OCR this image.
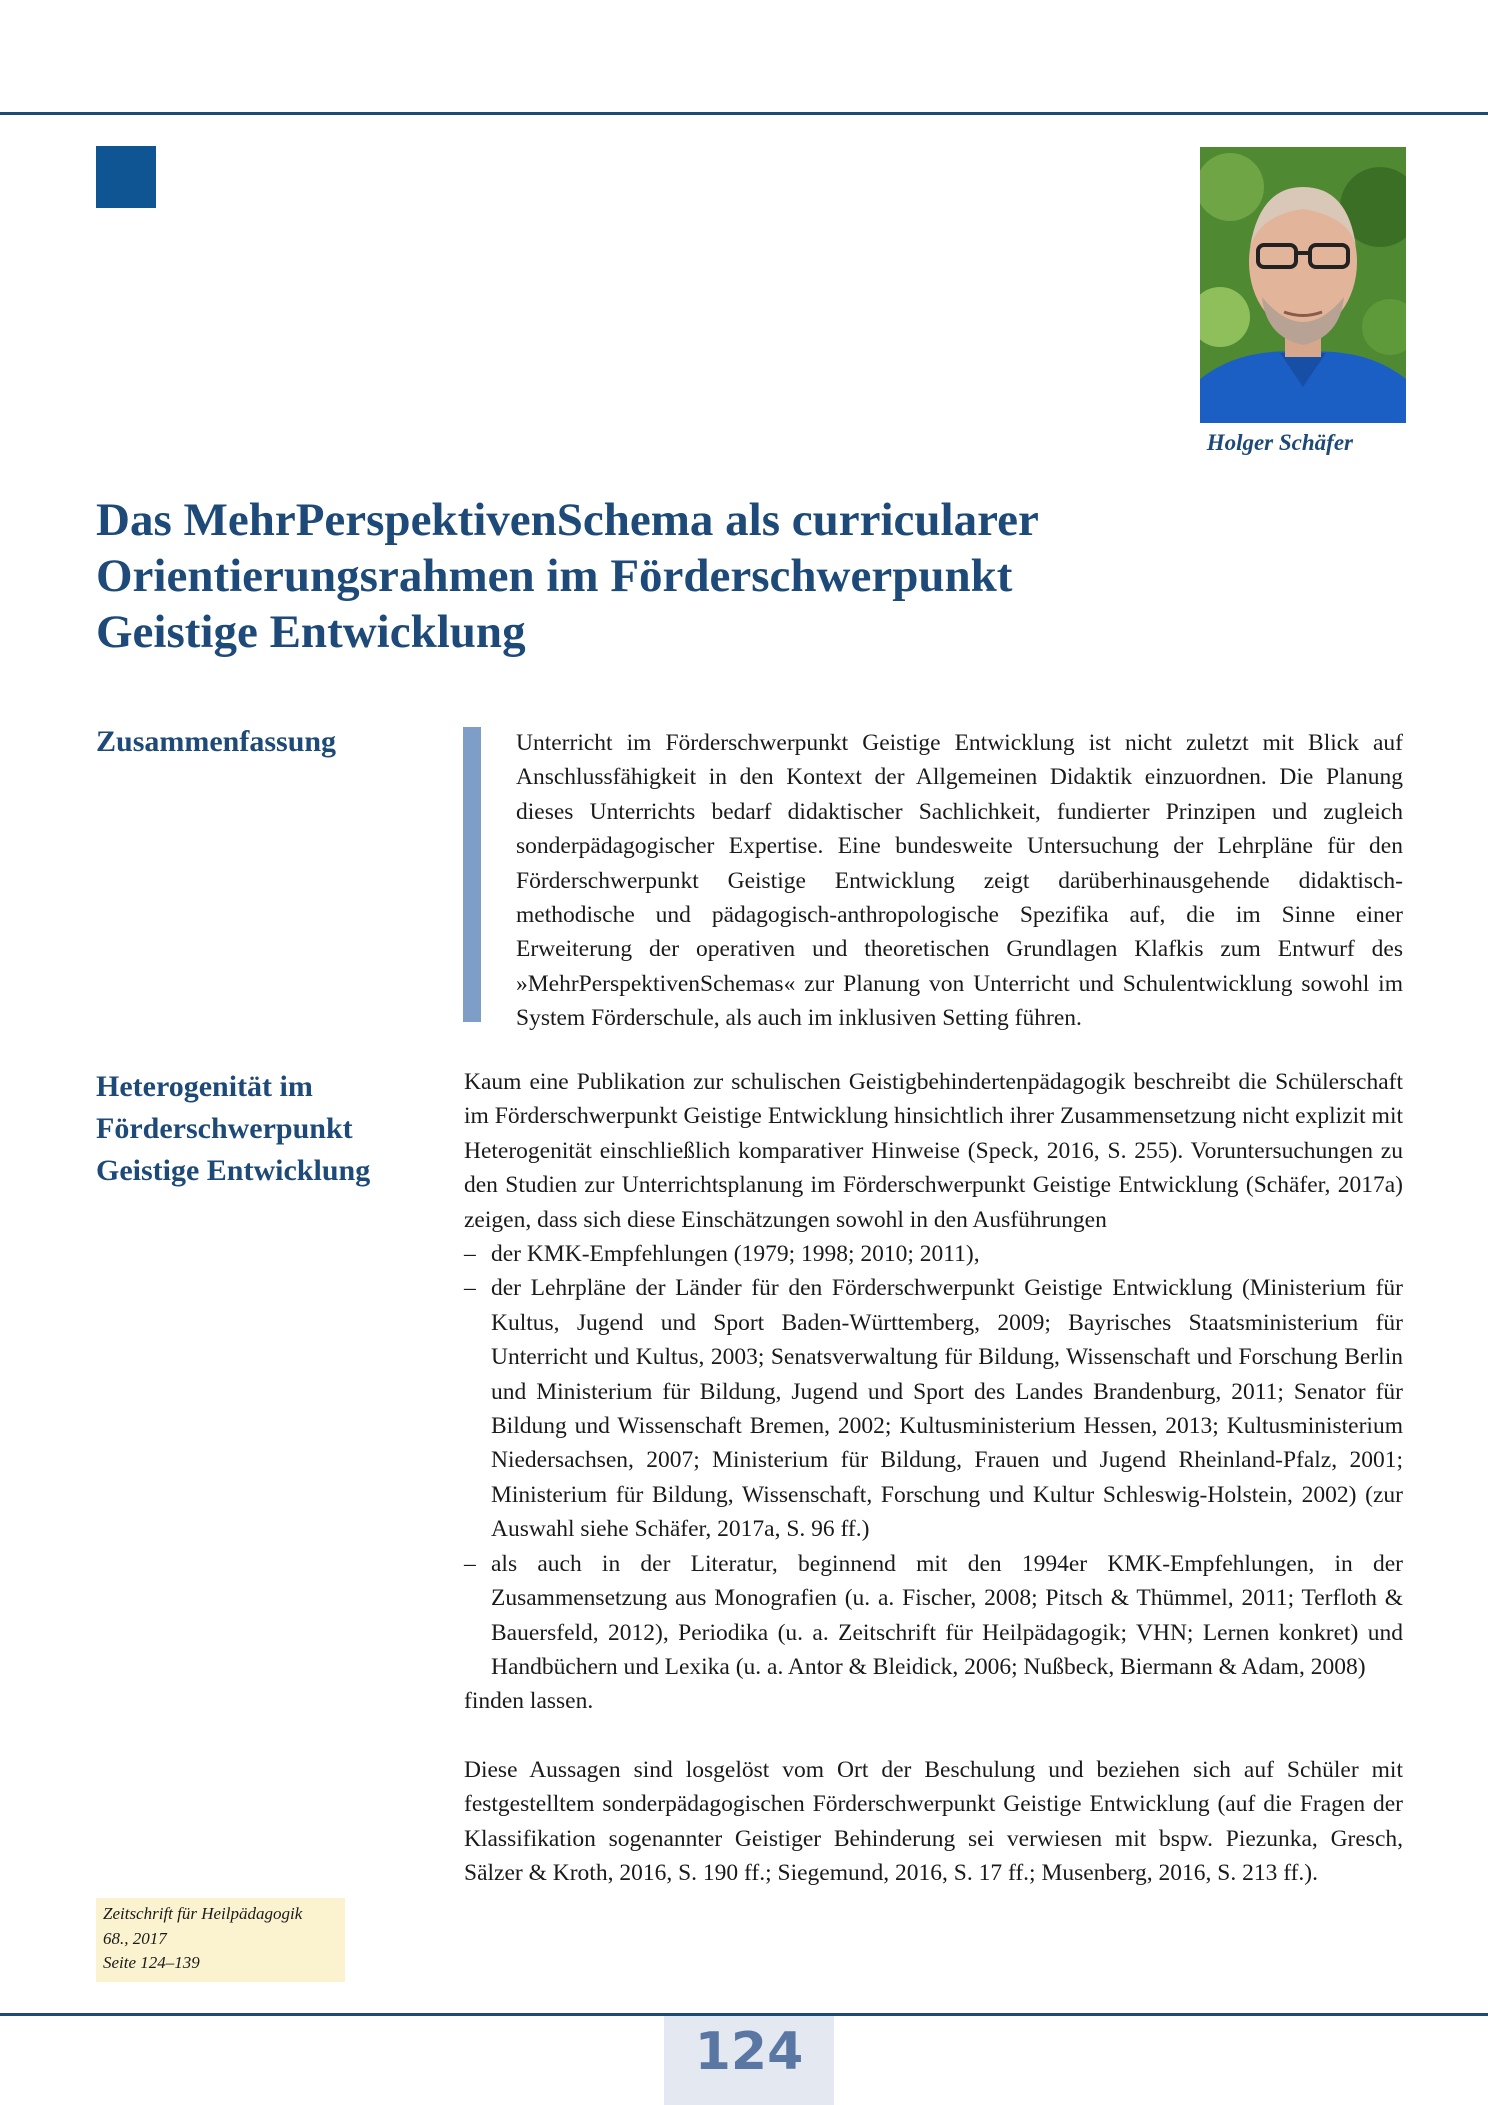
Holger Schäfer
Das MehrPerspektivenSchema als curricularer
Orientierungsrahmen im Förderschwerpunkt
Geistige Entwicklung
Zusammenfassung	Unterricht im Förderschwerpunkt Geistige Entwicklung ist nicht zuletzt mit Blick auf Anschlussfähigkeit in den Kontext der Allgemeinen Didaktik einzuordnen. Die Planung dieses Unterrichts bedarf didaktischer Sachlichkeit, fundierter Prinzipen und zugleich sonderpädagogischer Expertise. Eine bundesweite Untersuchung der Lehrpläne für den Förderschwerpunkt Geistige Entwicklung zeigt darüberhinausgehende didaktisch-methodische und pädagogisch-anthropologische Spezifika auf, die im Sinne einer Erweiterung der operativen und theoretischen Grundlagen Klafkis zum Entwurf des »MehrPerspektivenSchemas« zur Planung von Unterricht und Schulentwicklung sowohl im System Förderschule, als auch im inklusiven Setting führen.

Heterogenität im
Förderschwerpunkt
Geistige Entwicklung

Kaum eine Publikation zur schulischen Geistigbehindertenpädagogik beschreibt die Schülerschaft im Förderschwerpunkt Geistige Entwicklung hinsichtlich ihrer Zusammensetzung nicht explizit mit Heterogenität einschließlich komparativer Hinweise (Speck, 2016, S. 255). Voruntersuchungen zu den Studien zur Unterrichtsplanung im Förderschwerpunkt Geistige Entwicklung (Schäfer, 2017a) zeigen, dass sich diese Einschätzungen sowohl in den Ausführungen

– der KMK-Empfehlungen (1979; 1998; 2010; 2011),
– der Lehrpläne der Länder für den Förderschwerpunkt Geistige Entwicklung (Ministerium für Kultus, Jugend und Sport Baden-Württemberg, 2009; Bayrisches Staatsministerium für Unterricht und Kultus, 2003; Senatsverwaltung für Bildung, Wissenschaft und Forschung Berlin und Ministerium für Bildung, Jugend und Sport des Landes Brandenburg, 2011; Senator für Bildung und Wissenschaft Bremen, 2002; Kultusministerium Hessen, 2013; Kultusministerium Niedersachsen, 2007; Ministerium für Bildung, Frauen und Jugend Rheinland-Pfalz, 2001; Ministerium für Bildung, Wissenschaft, Forschung und Kultur Schleswig-Holstein, 2002) (zur Auswahl siehe Schäfer, 2017a, S. 96 ff.)
– als auch in der Literatur, beginnend mit den 1994er KMK-Empfehlungen, in der Zusammensetzung aus Monografien (u. a. Fischer, 2008; Pitsch & Thümmel, 2011; Terfloth & Bauersfeld, 2012), Periodika (u. a. Zeitschrift für Heilpädagogik; VHN; Lernen konkret) und Handbüchern und Lexika (u. a. Antor & Bleidick, 2006; Nußbeck, Biermann & Adam, 2008)

finden lassen.

Diese Aussagen sind losgelöst vom Ort der Beschulung und beziehen sich auf Schüler mit festgestelltem sonderpädagogischen Förderschwerpunkt Geistige Entwicklung (auf die Fragen der Klassifikation sogenannter Geistiger Behinderung sei verwiesen mit bspw. Piezunka, Gresch, Sälzer & Kroth, 2016, S. 190 ff.; Siegemund, 2016, S. 17 ff.; Musenberg, 2016, S. 213 ff.).

Zeitschrift für Heilpädagogik
68., 2017
Seite 124–139
124
